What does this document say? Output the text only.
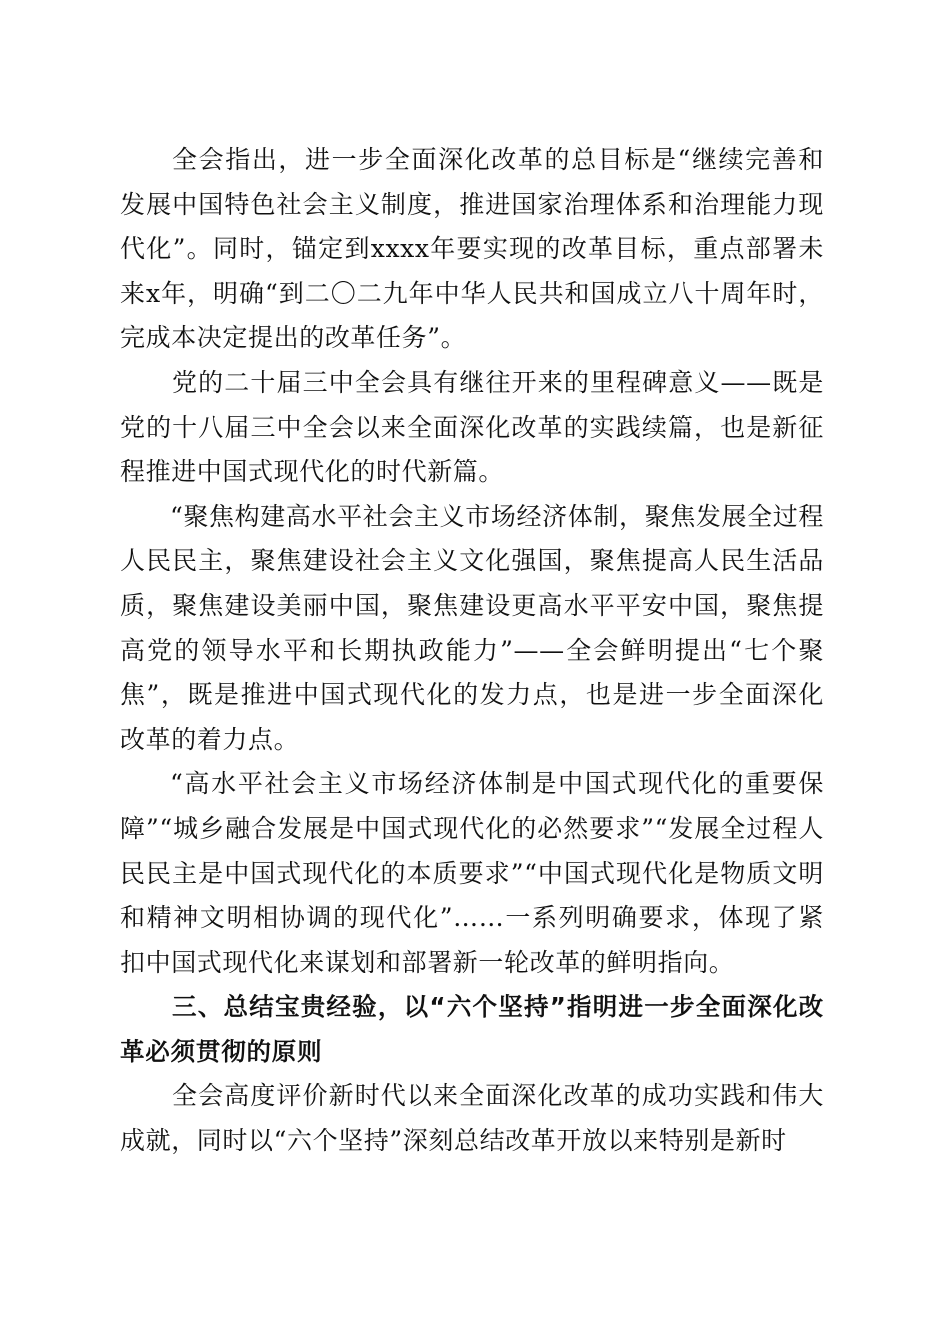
全会指出，进一步全面深化改革的总目标是“继续完善和发展中国特色社会主义制度，推进国家治理体系和治理能力现代化”。同时，锚定到xxxx年要实现的改革目标，重点部署未来x年，明确“到二〇二九年中华人民共和国成立八十周年时，完成本决定提出的改革任务”。

党的二十届三中全会具有继往开来的里程碑意义——既是党的十八届三中全会以来全面深化改革的实践续篇，也是新征程推进中国式现代化的时代新篇。

“聚焦构建高水平社会主义市场经济体制，聚焦发展全过程人民民主，聚焦建设社会主义文化强国，聚焦提高人民生活品质，聚焦建设美丽中国，聚焦建设更高水平平安中国，聚焦提高党的领导水平和长期执政能力”——全会鲜明提出“七个聚焦”，既是推进中国式现代化的发力点，也是进一步全面深化改革的着力点。

“高水平社会主义市场经济体制是中国式现代化的重要保障”“城乡融合发展是中国式现代化的必然要求”“发展全过程人民民主是中国式现代化的本质要求”“中国式现代化是物质文明和精神文明相协调的现代化”……一系列明确要求，体现了紧扣中国式现代化来谋划和部署新一轮改革的鲜明指向。

三、总结宝贵经验，以“六个坚持”指明进一步全面深化改革必须贯彻的原则

全会高度评价新时代以来全面深化改革的成功实践和伟大成就，同时以“六个坚持”深刻总结改革开放以来特别是新时
